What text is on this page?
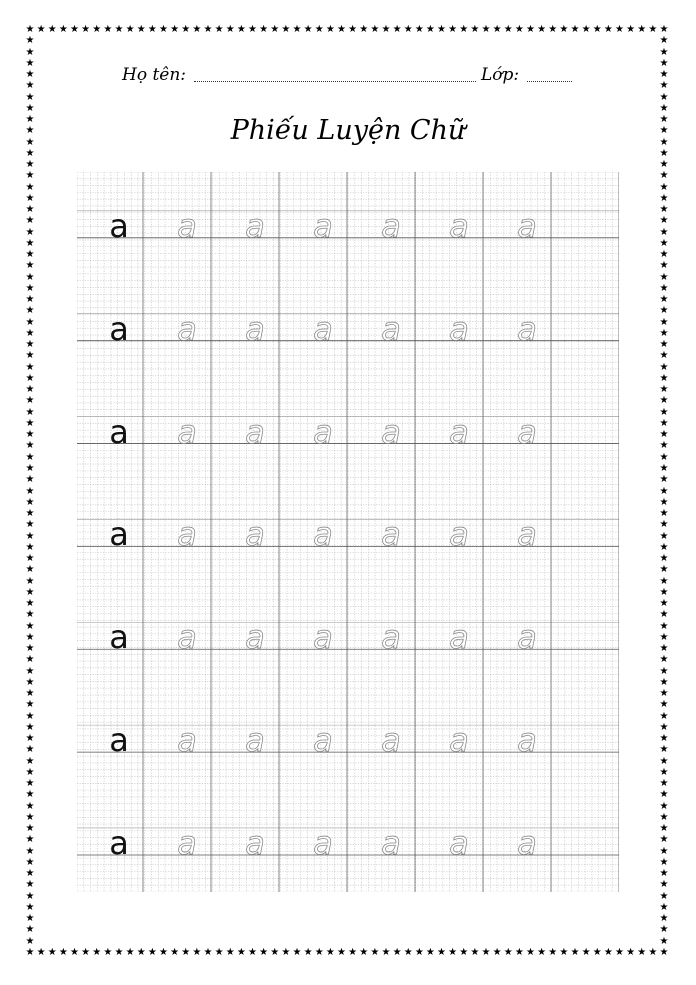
★
★
★
★
★
★
★
★
★
★
★
★
★
★
★
★
★
★
★
★
★
★
★
★
★
★
★
★
★
★
★
★
★
★
★
★
★
★
★
★
★
★
★
★
★
★
★
★
★
★
★
★
★
★
★
★
★
★
★
★
★
★
★
★
★
★
★
★
★
★
★
★
★
★
★
★
★
★
★
★
★
★
★
★
★
★
★
★
★
★
★
★
★
★
★
★
★
★
★
★
★
★
★
★
★
★
★
★
★
★
★
★
★
★
★
★
★	★
★	★
★	★
★	★
★	★
★	★
★	★
★	★
★	★
★	★
★	★
★	★
★	★
★	★
★	★
★	★
★	★
★	★
★	★
★	★
★	★
★	★
★	★
★	★
★	★
★	★
★	★
★	★
★	★
★	★
★	★
★	★
★	★
★	★
★	★
★	★
★	★
★	★
★	★
★	★
★	★
★	★
★	★
★	★
★	★
★	★
★	★
★	★
★	★
★	★
★	★
★	★
★	★
★	★
★	★
★	★
★	★
★	★
★	★
★	★
★	★
★	★
★	★
★	★
★	★
★	★
★	★
★	★
★	★
★	★
★	★
★	★
★	★
★	★
★	★
★	★
★	★
★	★
★	★
★	★
★	★
Họ tên:	Lớp:
Phiếu Luyện Chữ
a	a	a	a	a	a	a
a	a	a	a	a	a	a
a	a	a	a	a	a	a
a	a	a	a	a	a	a
a	a	a	a	a	a	a
a	a	a	a	a	a	a
a	a	a	a	a	a	a
